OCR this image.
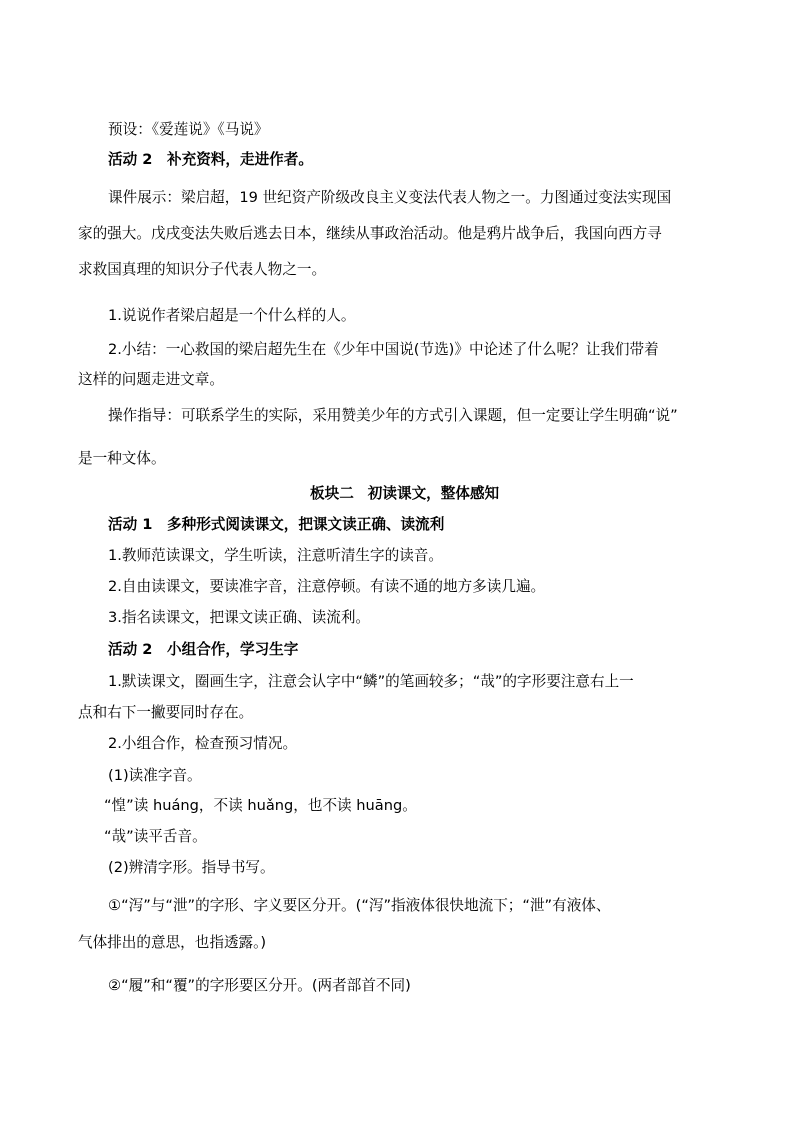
预设：《爱莲说》《马说》

活动 2　补充资料，走进作者。

课件展示：梁启超，19 世纪资产阶级改良主义变法代表人物之一。力图通过变法实现国

家的强大。戊戌变法失败后逃去日本，继续从事政治活动。他是鸦片战争后，我国向西方寻

求救国真理的知识分子代表人物之一。

1.说说作者梁启超是一个什么样的人。

2.小结：一心救国的梁启超先生在《少年中国说(节选)》中论述了什么呢？让我们带着

这样的问题走进文章。

操作指导：可联系学生的实际，采用赞美少年的方式引入课题，但一定要让学生明确“说”

是一种文体。

板块二 初读课文，整体感知

活动 1　多种形式阅读课文，把课文读正确、读流利

1.教师范读课文，学生听读，注意听清生字的读音。

2.自由读课文，要读准字音，注意停顿。有读不通的地方多读几遍。

3.指名读课文，把课文读正确、读流利。

活动 2　小组合作，学习生字

1.默读课文，圈画生字，注意会认字中“鳞”的笔画较多；“哉”的字形要注意右上一

点和右下一撇要同时存在。

2.小组合作，检查预习情况。

(1)读准字音。

“惶”读 huáng，不读 huǎng，也不读 huāng。

“哉”读平舌音。

(2)辨清字形。指导书写。

①“泻”与“泄”的字形、字义要区分开。(“泻”指液体很快地流下；“泄”有液体、

气体排出的意思，也指透露。)

②“履”和“覆”的字形要区分开。(两者部首不同)
